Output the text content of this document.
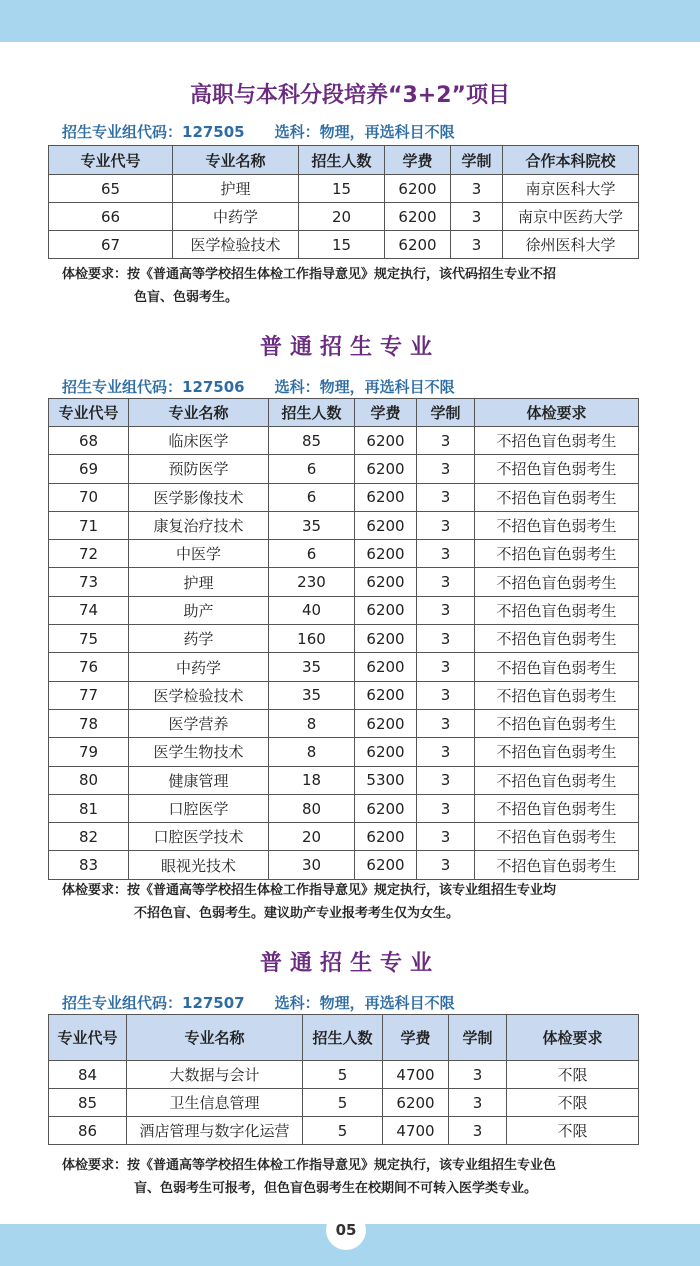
高职与本科分段培养“3+2”项目
招生专业组代码：127505 选科：物理，再选科目不限
专业代号	专业名称	招生人数	学费	学制	合作本科院校
65	护理	15	6200	3	南京医科大学
66	中药学	20	6200	3	南京中医药大学
67	医学检验技术	15	6200	3	徐州医科大学
体检要求：按《普通高等学校招生体检工作指导意见》规定执行，该代码招生专业不招
色盲、色弱考生。
普通招生专业
招生专业组代码：127506 选科：物理，再选科目不限
专业代号	专业名称	招生人数	学费	学制	体检要求
68	临床医学	85	6200	3	不招色盲色弱考生
69	预防医学	6	6200	3	不招色盲色弱考生
70	医学影像技术	6	6200	3	不招色盲色弱考生
71	康复治疗技术	35	6200	3	不招色盲色弱考生
72	中医学	6	6200	3	不招色盲色弱考生
73	护理	230	6200	3	不招色盲色弱考生
74	助产	40	6200	3	不招色盲色弱考生
75	药学	160	6200	3	不招色盲色弱考生
76	中药学	35	6200	3	不招色盲色弱考生
77	医学检验技术	35	6200	3	不招色盲色弱考生
78	医学营养	8	6200	3	不招色盲色弱考生
79	医学生物技术	8	6200	3	不招色盲色弱考生
80	健康管理	18	5300	3	不招色盲色弱考生
81	口腔医学	80	6200	3	不招色盲色弱考生
82	口腔医学技术	20	6200	3	不招色盲色弱考生
83	眼视光技术	30	6200	3	不招色盲色弱考生
体检要求：按《普通高等学校招生体检工作指导意见》规定执行，该专业组招生专业均
不招色盲、色弱考生。建议助产专业报考考生仅为女生。
普通招生专业
招生专业组代码：127507 选科：物理，再选科目不限
专业代号	专业名称	招生人数	学费	学制	体检要求
84	大数据与会计	5	4700	3	不限
85	卫生信息管理	5	6200	3	不限
86	酒店管理与数字化运营	5	4700	3	不限
体检要求：按《普通高等学校招生体检工作指导意见》规定执行，该专业组招生专业色
盲、色弱考生可报考，但色盲色弱考生在校期间不可转入医学类专业。
05
